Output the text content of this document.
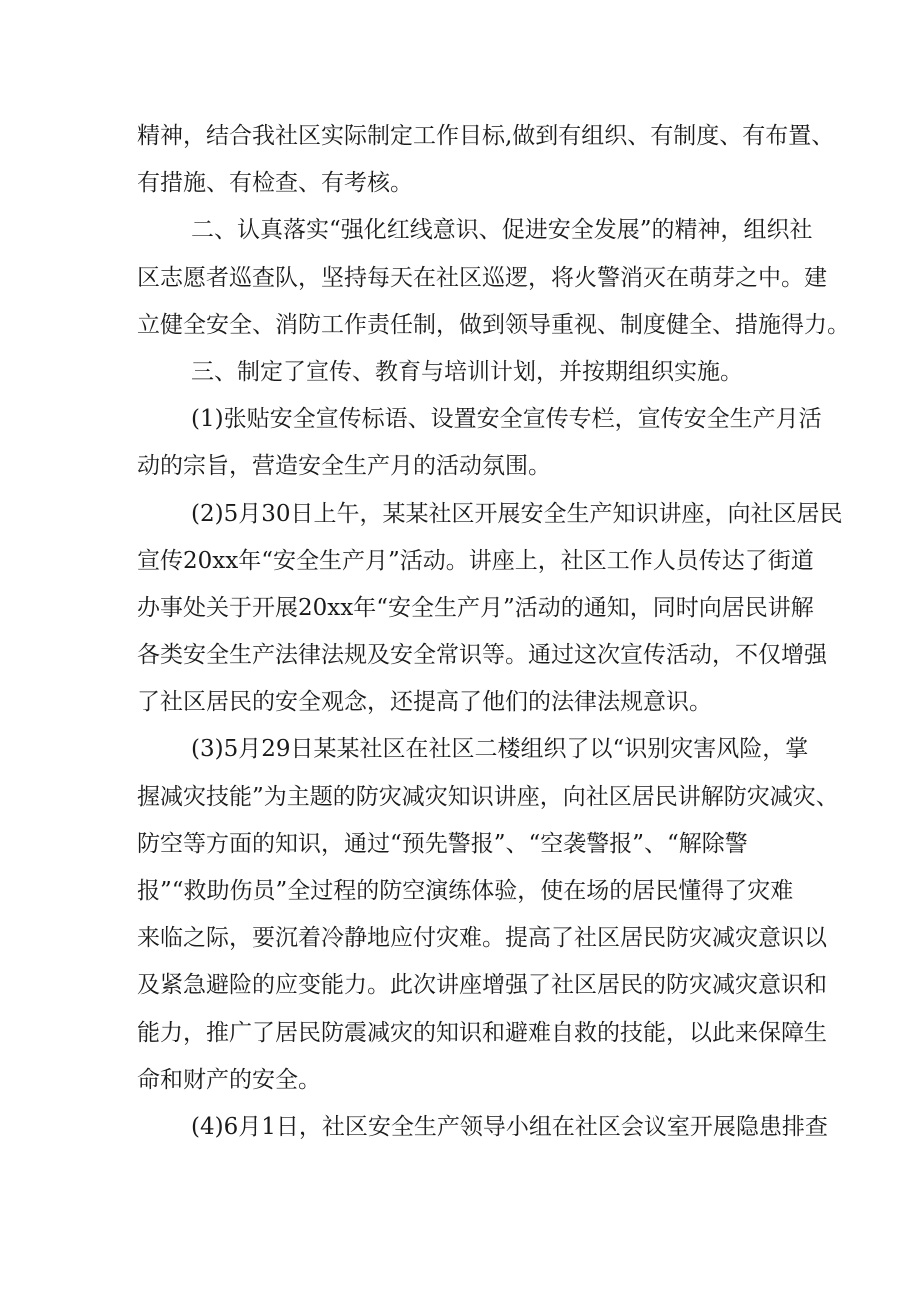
精神，结合我社区实际制定工作目标,做到有组织、有制度、有布置、
有措施、有检查、有考核。
二、认真落实“强化红线意识、促进安全发展”的精神，组织社
区志愿者巡查队，坚持每天在社区巡逻，将火警消灭在萌芽之中。建
立健全安全、消防工作责任制，做到领导重视、制度健全、措施得力。
三、制定了宣传、教育与培训计划，并按期组织实施。
(1)张贴安全宣传标语、设置安全宣传专栏，宣传安全生产月活
动的宗旨，营造安全生产月的活动氛围。
(2)5月30日上午，某某社区开展安全生产知识讲座，向社区居民
宣传20xx年“安全生产月”活动。讲座上，社区工作人员传达了街道
办事处关于开展20xx年“安全生产月”活动的通知，同时向居民讲解
各类安全生产法律法规及安全常识等。通过这次宣传活动，不仅增强
了社区居民的安全观念，还提高了他们的法律法规意识。
(3)5月29日某某社区在社区二楼组织了以“识别灾害风险，掌
握减灾技能”为主题的防灾减灾知识讲座，向社区居民讲解防灾减灾、
防空等方面的知识，通过“预先警报”、“空袭警报”、“解除警
报”“救助伤员”全过程的防空演练体验，使在场的居民懂得了灾难
来临之际，要沉着冷静地应付灾难。提高了社区居民防灾减灾意识以
及紧急避险的应变能力。此次讲座增强了社区居民的防灾减灾意识和
能力，推广了居民防震减灾的知识和避难自救的技能，以此来保障生
命和财产的安全。
(4)6月1日，社区安全生产领导小组在社区会议室开展隐患排查
